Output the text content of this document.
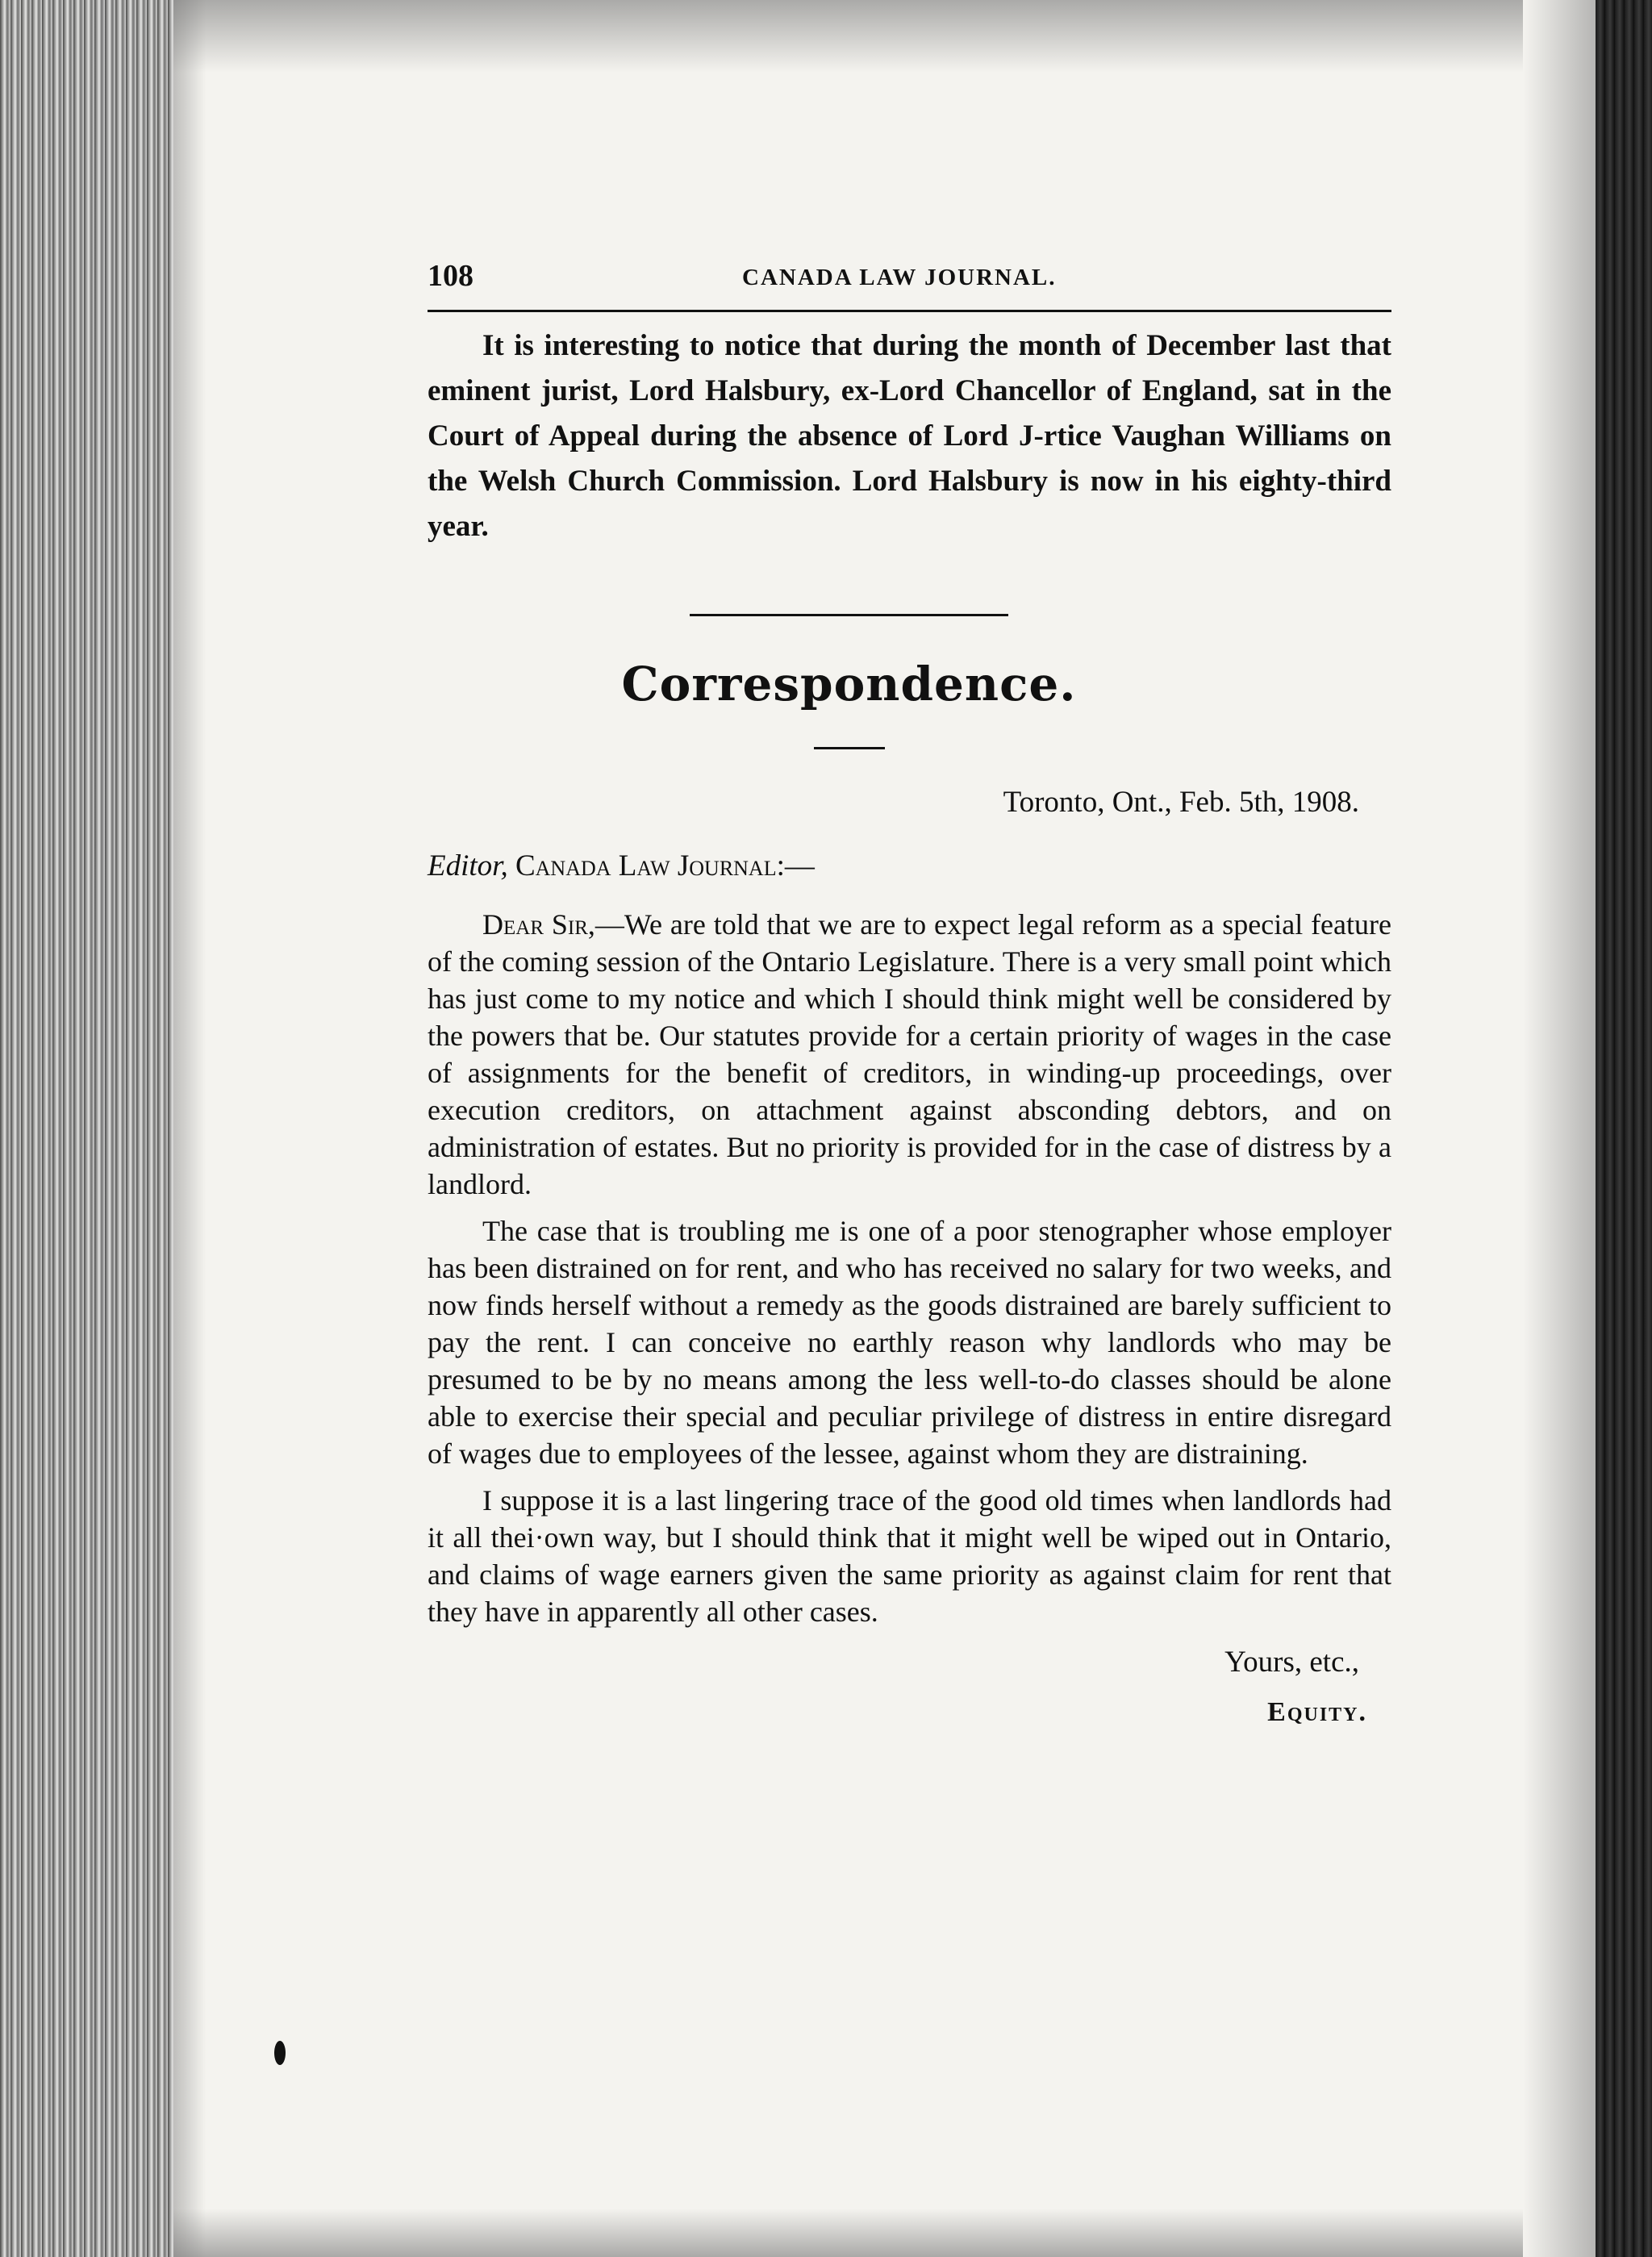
108	CANADA LAW JOURNAL.

It is interesting to notice that during the month of December last that eminent jurist, Lord Halsbury, ex-Lord Chancellor of England, sat in the Court of Appeal during the absence of Lord J-rtice Vaughan Williams on the Welsh Church Commission. Lord Halsbury is now in his eighty-third year.

Correspondence.
Toronto, Ont., Feb. 5th, 1908.
Editor, Canada Law Journal:—

Dear Sir,—We are told that we are to expect legal reform as a special feature of the coming session of the Ontario Legislature. There is a very small point which has just come to my notice and which I should think might well be considered by the powers that be. Our statutes provide for a certain priority of wages in the case of assignments for the benefit of creditors, in winding-up proceedings, over execution creditors, on attachment against absconding debtors, and on administration of estates. But no priority is provided for in the case of distress by a landlord.

The case that is troubling me is one of a poor stenographer whose employer has been distrained on for rent, and who has received no salary for two weeks, and now finds herself without a remedy as the goods distrained are barely sufficient to pay the rent. I can conceive no earthly reason why landlords who may be presumed to be by no means among the less well-to-do classes should be alone able to exercise their special and peculiar privilege of distress in entire disregard of wages due to employees of the lessee, against whom they are distraining.

I suppose it is a last lingering trace of the good old times when landlords had it all thei·own way, but I should think that it might well be wiped out in Ontario, and claims of wage earners given the same priority as against claim for rent that they have in apparently all other cases.

Yours, etc.,
Equity.
